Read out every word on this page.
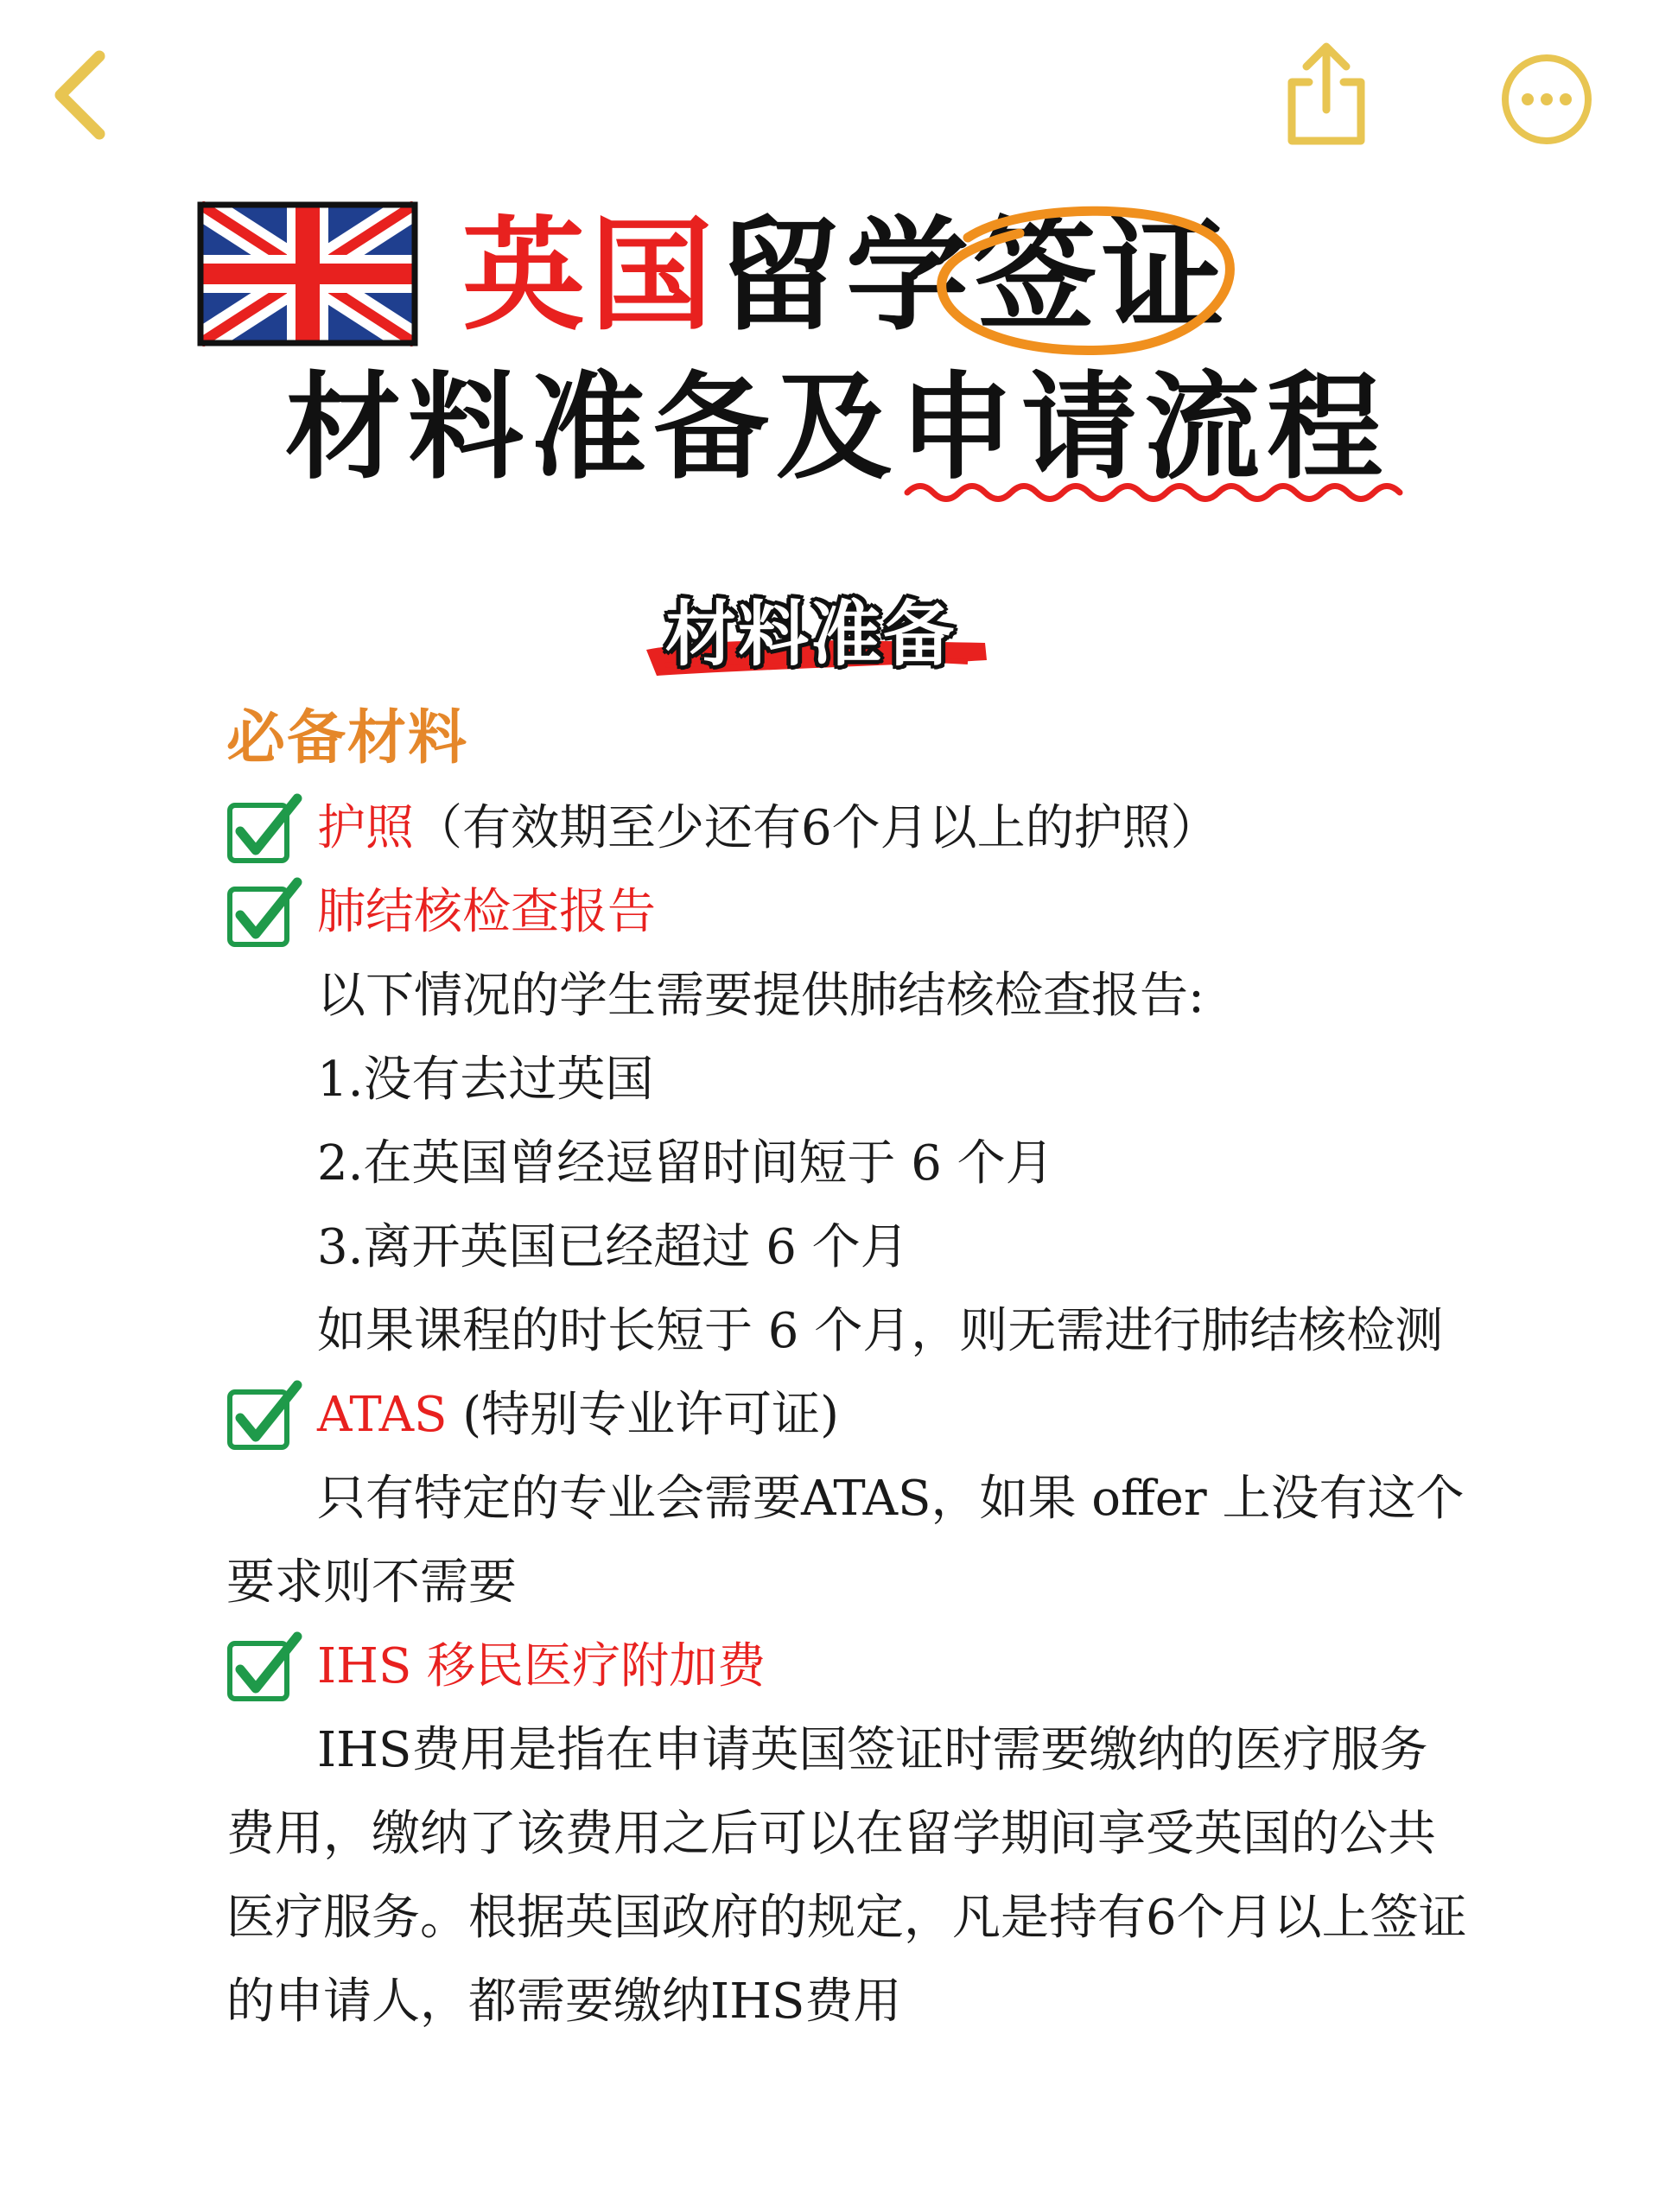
英国留学签证
材料准备及申请流程
材料准备
必备材料
护照（有效期至少还有6个月以上的护照）
肺结核检查报告
以下情况的学生需要提供肺结核检查报告:
1.没有去过英国
2.在英国曾经逗留时间短于 6 个月
3.离开英国已经超过 6 个月
如果课程的时长短于 6 个月，则无需进行肺结核检测
ATAS (特别专业许可证)
只有特定的专业会需要ATAS，如果 offer 上没有这个要求则不需要
IHS 移民医疗附加费
IHS费用是指在申请英国签证时需要缴纳的医疗服务费用，缴纳了该费用之后可以在留学期间享受英国的公共医疗服务。根据英国政府的规定，凡是持有6个月以上签证的申请人，都需要缴纳IHS费用
